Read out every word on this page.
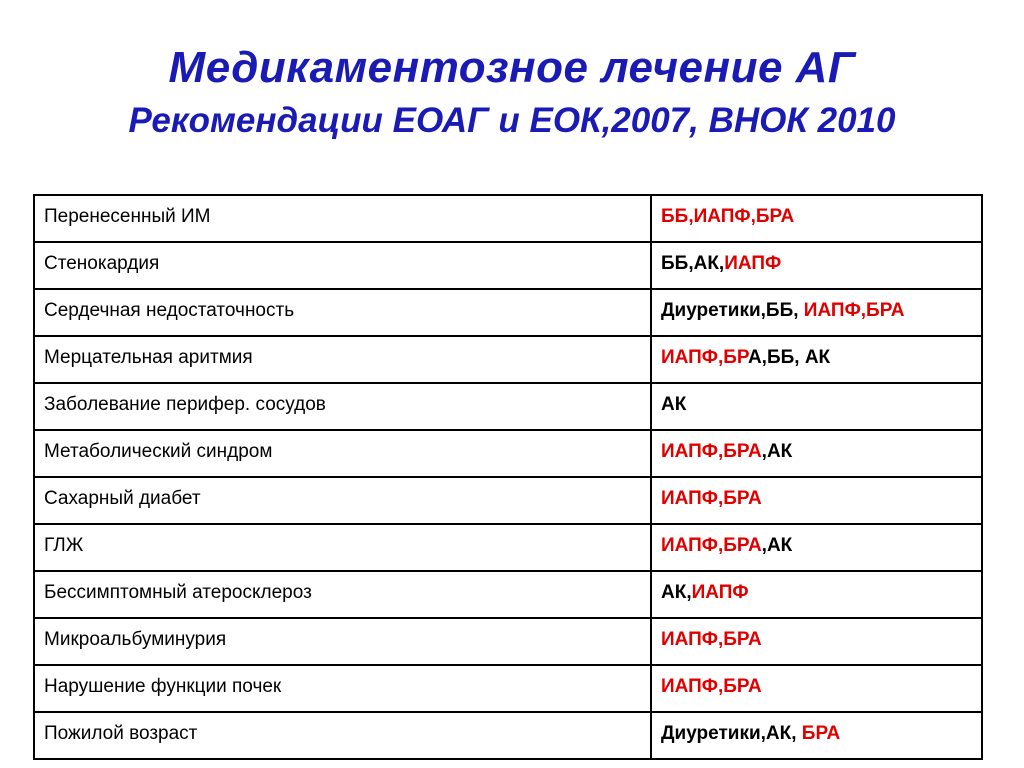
Медикаментозное лечение АГ
Рекомендации ЕОАГ и ЕОК,2007, ВНОК 2010
Перенесенный ИМ	ББ,ИАПФ,БРА
Стенокардия	ББ,АК,ИАПФ
Сердечная недостаточность	Диуретики,ББ, ИАПФ,БРА
Мерцательная аритмия	ИАПФ,БРА,ББ, АК
Заболевание перифер. сосудов	АК
Метаболический синдром	ИАПФ,БРА,АК
Сахарный диабет	ИАПФ,БРА
ГЛЖ	ИАПФ,БРА,АК
Бессимптомный атеросклероз	АК,ИАПФ
Микроальбуминурия	ИАПФ,БРА
Нарушение функции почек	ИАПФ,БРА
Пожилой возраст	Диуретики,АК, БРА
